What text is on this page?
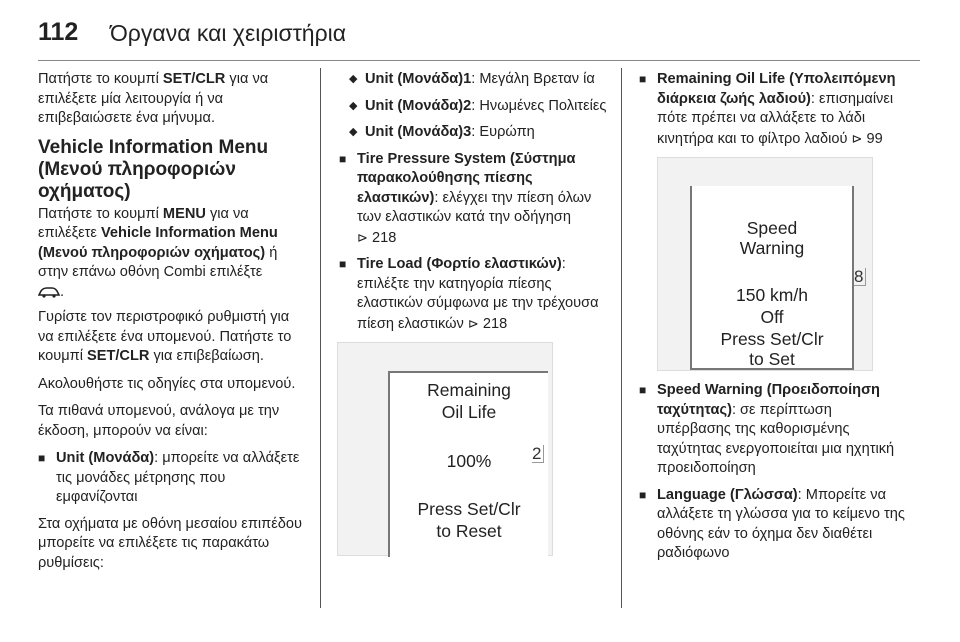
112 Όργανα και χειριστήρια

Πατήστε το κουμπί SET/CLR για να επιλέξετε μία λειτουργία ή να επιβεβαιώσετε ένα μήνυμα.

Vehicle Information Menu (Μενού πληροφοριών οχήματος)

Πατήστε το κουμπί MENU για να επιλέξετε Vehicle Information Menu (Μενού πληροφοριών οχήματος) ή στην επάνω οθόνη Combi επιλέξτε
.

Γυρίστε τον περιστροφικό ρυθμιστή για να επιλέξετε ένα υπομενού. Πατήστε το κουμπί SET/CLR για επιβεβαίωση.

Ακολουθήστε τις οδηγίες στα υπομενού.

Τα πιθανά υπομενού, ανάλογα με την έκδοση, μπορούν να είναι:

■ Unit (Μονάδα): μπορείτε να αλλάξετε τις μονάδες μέτρησης που εμφανίζονται

Στα οχήματα με οθόνη μεσαίου επιπέδου μπορείτε να επιλέξετε τις παρακάτω ρυθμίσεις:

◆ Unit (Μονάδα)1: Μεγάλη Βρεταν ία
◆ Unit (Μονάδα)2: Ηνωμένες Πολιτείες
◆ Unit (Μονάδα)3: Ευρώπη
■ Tire Pressure System (Σύστημα παρακολούθησης πίεσης ελαστικών): ελέγχει την πίεση όλων των ελαστικών κατά την οδήγηση
⊳ 218
■ Tire Load (Φορτίο ελαστικών): επιλέξτε την κατηγορία πίεσης ελαστικών σύμφωνα με την τρέχουσα πίεση ελαστικών ⊳ 218
Remaining
Oil Life
100%
Press Set/Clr
to Reset
2
■ Remaining Oil Life (Υπολειπόμενη διάρκεια ζωής λαδιού): επισημαίνει πότε πρέπει να αλλάξετε το λάδι κινητήρα και το φίλτρο λαδιού ⊳ 99
Speed
Warning
150 km/h
Off
Press Set/Clr
to Set
8
■ Speed Warning (Προειδοποίηση ταχύτητας): σε περίπτωση υπέρβασης της καθορισμένης ταχύτητας ενεργοποιείται μια ηχητική προειδοποίηση
■ Language (Γλώσσα): Μπορείτε να αλλάξετε τη γλώσσα για το κείμενο της οθόνης εάν το όχημα δεν διαθέτει ραδιόφωνο
